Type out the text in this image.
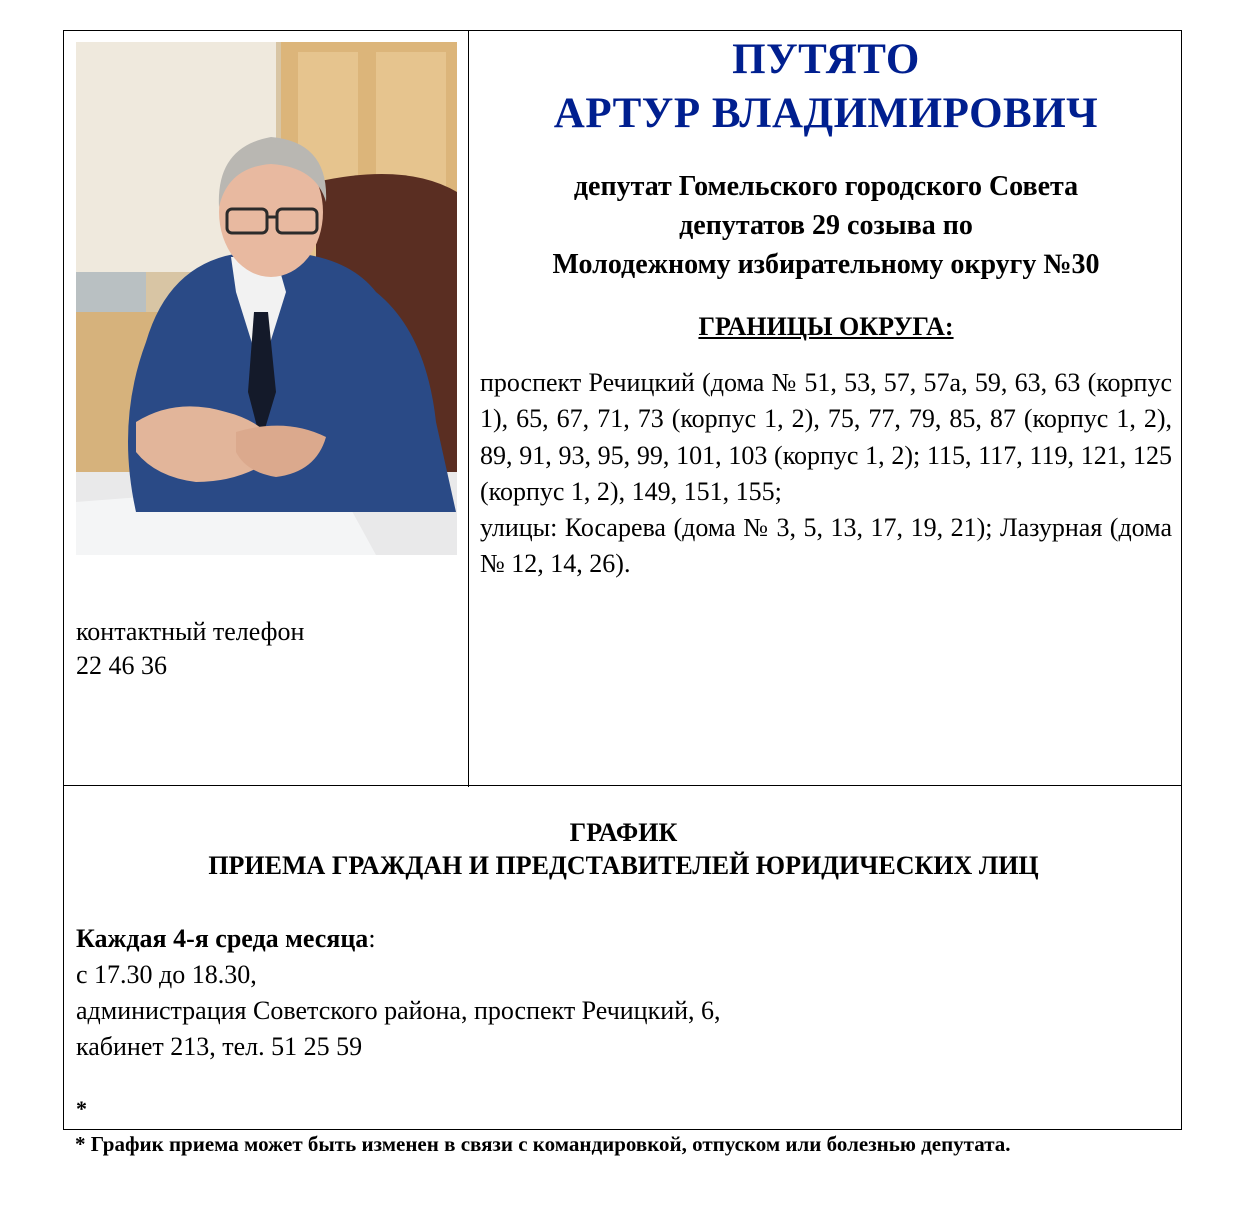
контактный телефон
22 46 36
ПУТЯТО
АРТУР ВЛАДИМИРОВИЧ
депутат Гомельского городского Совета
депутатов 29 созыва по
Молодежному избирательному округу №30
ГРАНИЦЫ ОКРУГА:

проспект Речицкий (дома № 51, 53, 57, 57а, 59, 63, 63 (корпус 1), 65, 67, 71, 73 (корпус 1, 2), 75, 77, 79, 85, 87 (корпус 1, 2), 89, 91, 93, 95, 99, 101, 103 (корпус 1, 2); 115, 117, 119, 121, 125 (корпус 1, 2), 149, 151, 155;

улицы: Косарева (дома № 3, 5, 13, 17, 19, 21); Лазурная (дома № 12, 14, 26).

ГРАФИК
ПРИЕМА ГРАЖДАН И ПРЕДСТАВИТЕЛЕЙ ЮРИДИЧЕСКИХ ЛИЦ
Каждая 4-я среда месяца:
с 17.30 до 18.30,
администрация Советского района, проспект Речицкий, 6,
кабинет 213, тел. 51 25 59
*
* График приема может быть изменен в связи с командировкой, отпуском или болезнью депутата.
